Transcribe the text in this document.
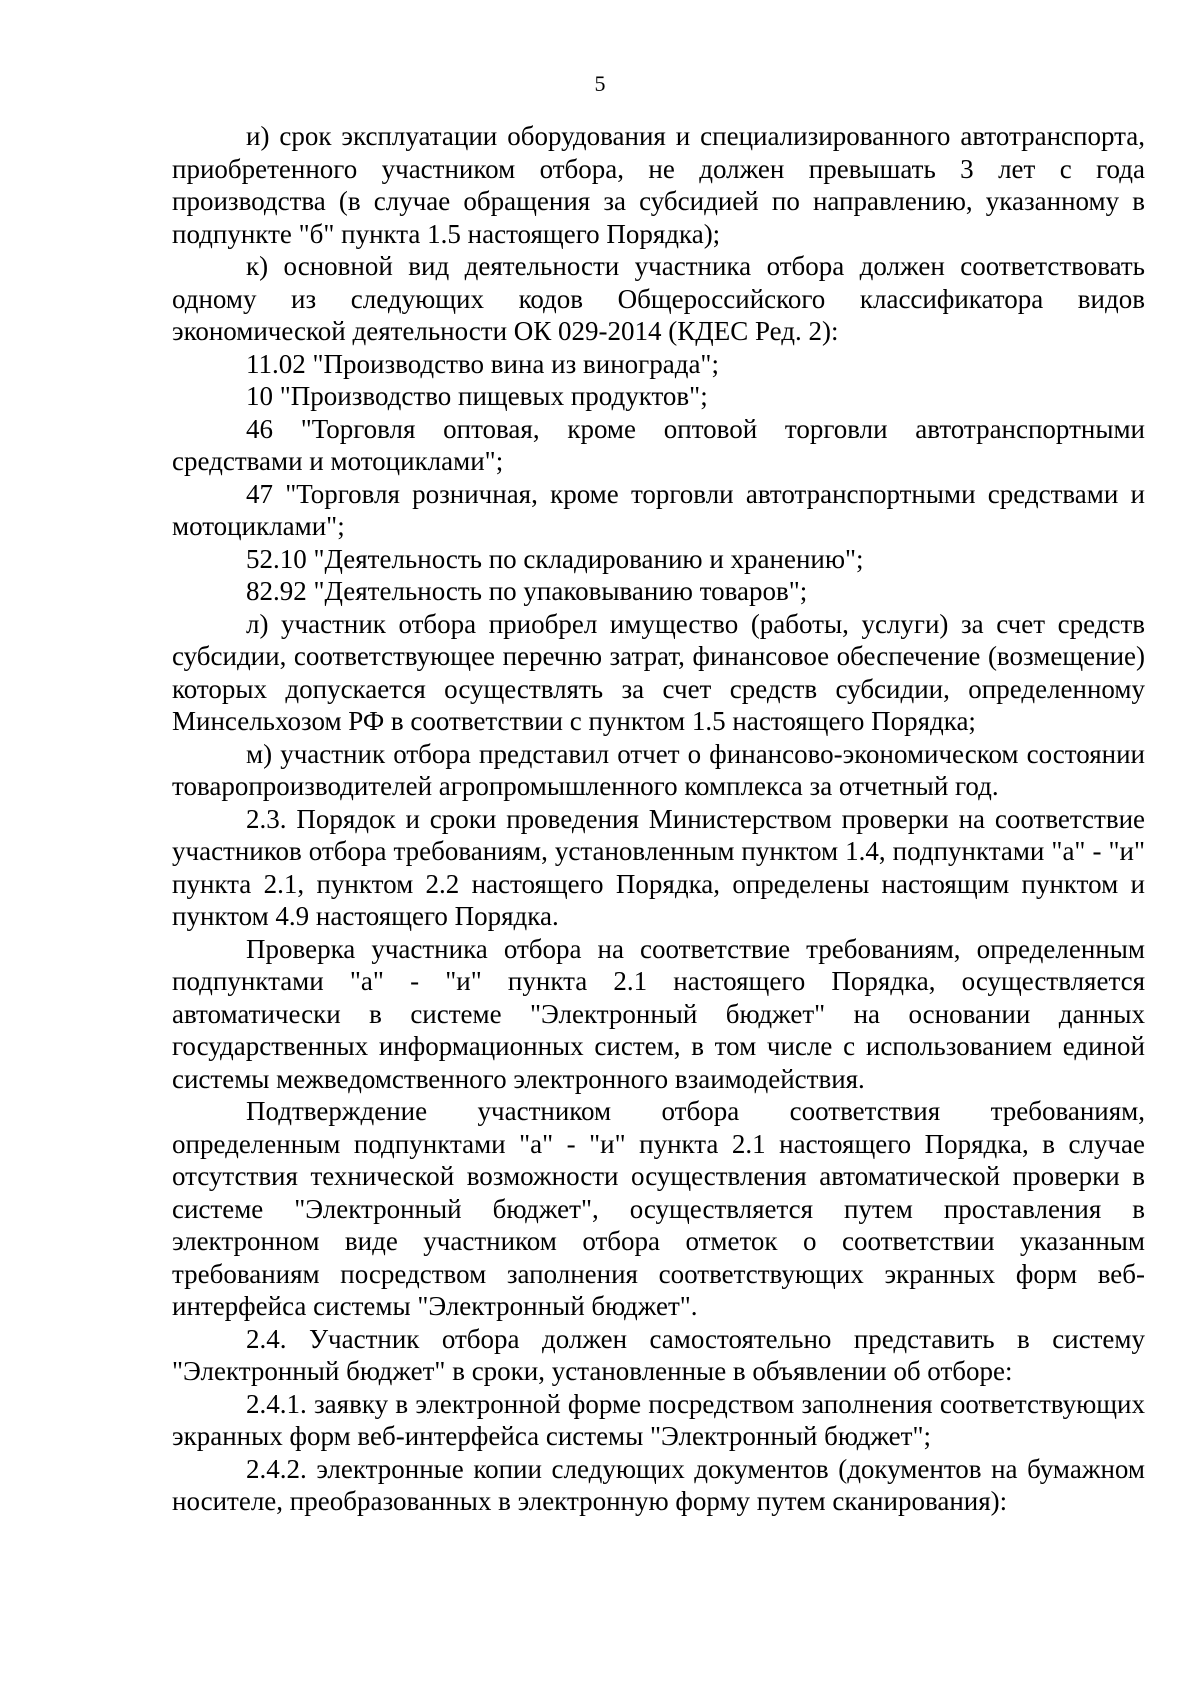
5

и) срок эксплуатации оборудования и специализированного автотранспорта, приобретенного участником отбора, не должен превышать 3 лет с года производства (в случае обращения за субсидией по направлению, указанному в подпункте "б" пункта 1.5 настоящего Порядка);

к) основной вид деятельности участника отбора должен соответствовать одному из следующих кодов Общероссийского классификатора видов экономической деятельности ОК 029-2014 (КДЕС Ред. 2):

11.02 "Производство вина из винограда";

10 "Производство пищевых продуктов";

46 "Торговля оптовая, кроме оптовой торговли автотранспортными средствами и мотоциклами";

47 "Торговля розничная, кроме торговли автотранспортными средствами и мотоциклами";

52.10 "Деятельность по складированию и хранению";

82.92 "Деятельность по упаковыванию товаров";

л) участник отбора приобрел имущество (работы, услуги) за счет средств субсидии, соответствующее перечню затрат, финансовое обеспечение (возмещение) которых допускается осуществлять за счет средств субсидии, определенному Минсельхозом РФ в соответствии с пунктом 1.5 настоящего Порядка;

м) участник отбора представил отчет о финансово-экономическом состоянии товаропроизводителей агропромышленного комплекса за отчетный год.

2.3. Порядок и сроки проведения Министерством проверки на соответствие участников отбора требованиям, установленным пунктом 1.4, подпунктами "а" - "и" пункта 2.1, пунктом 2.2 настоящего Порядка, определены настоящим пунктом и пунктом 4.9 настоящего Порядка.

Проверка участника отбора на соответствие требованиям, определенным подпунктами "а" - "и" пункта 2.1 настоящего Порядка, осуществляется автоматически в системе "Электронный бюджет" на основании данных государственных информационных систем, в том числе с использованием единой системы межведомственного электронного взаимодействия.

Подтверждение участником отбора соответствия требованиям, определенным подпунктами "а" - "и" пункта 2.1 настоящего Порядка, в случае отсутствия технической возможности осуществления автоматической проверки в системе "Электронный бюджет", осуществляется путем проставления в электронном виде участником отбора отметок о соответствии указанным требованиям посредством заполнения соответствующих экранных форм веб-интерфейса системы "Электронный бюджет".

2.4. Участник отбора должен самостоятельно представить в систему "Электронный бюджет" в сроки, установленные в объявлении об отборе:

2.4.1. заявку в электронной форме посредством заполнения соответствующих экранных форм веб-интерфейса системы "Электронный бюджет";

2.4.2. электронные копии следующих документов (документов на бумажном носителе, преобразованных в электронную форму путем сканирования):
